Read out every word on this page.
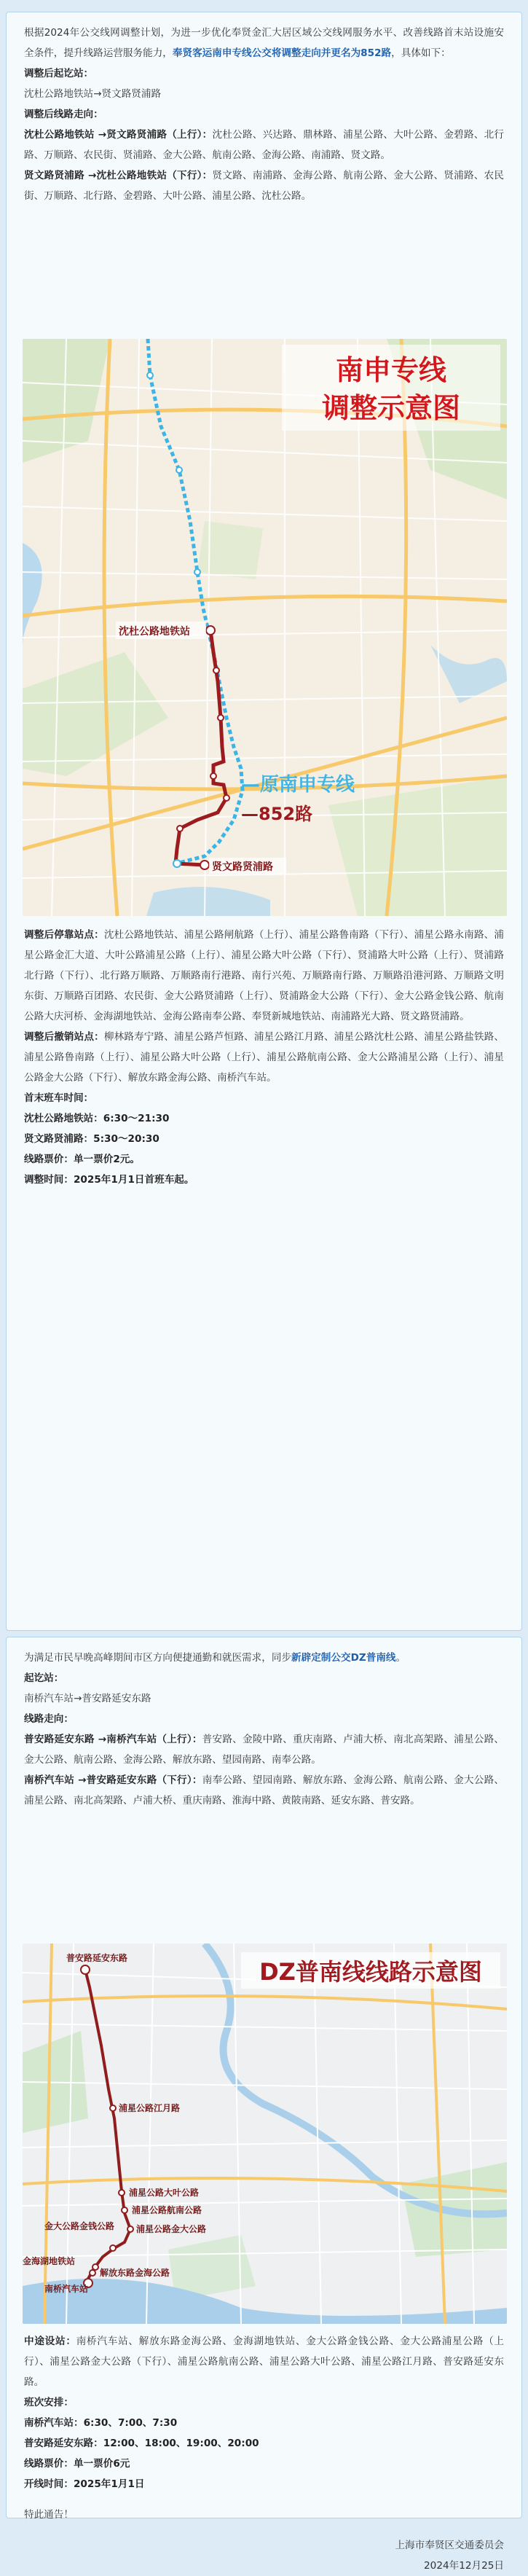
根据2024年公交线网调整计划，为进一步优化奉贤金汇大居区域公交线网服务水平、改善线路首末站设施安全条件，提升线路运营服务能力，奉贤客运南申专线公交将调整走向并更名为852路，具体如下：

调整后起讫站：

沈杜公路地铁站→贤文路贤浦路

调整后线路走向：

沈杜公路地铁站 →贤文路贤浦路（上行）：沈杜公路、兴达路、鼎林路、浦星公路、大叶公路、金碧路、北行路、万顺路、农民街、贤浦路、金大公路、航南公路、金海公路、南浦路、贤文路。

贤文路贤浦路 →沈杜公路地铁站（下行）：贤文路、南浦路、金海公路、航南公路、金大公路、贤浦路、农民街、万顺路、北行路、金碧路、大叶公路、浦星公路、沈杜公路。

南申专线
调整示意图
沈杜公路地铁站
—原南申专线
—852路
贤文路贤浦路

调整后停靠站点：沈杜公路地铁站、浦星公路闸航路（上行）、浦星公路鲁南路（下行）、浦星公路永南路、浦星公路金汇大道、大叶公路浦星公路（上行）、浦星公路大叶公路（下行）、贤浦路大叶公路（上行）、贤浦路北行路（下行）、北行路万顺路、万顺路南行港路、南行兴苑、万顺路南行路、万顺路沿港河路、万顺路文明东街、万顺路百团路、农民街、金大公路贤浦路（上行）、贤浦路金大公路（下行）、金大公路金钱公路、航南公路大庆河桥、金海湖地铁站、金海公路南奉公路、奉贤新城地铁站、南浦路光大路、贤文路贤浦路。

调整后撤销站点：柳林路寿宁路、浦星公路芦恒路、浦星公路江月路、浦星公路沈杜公路、浦星公路盐铁路、浦星公路鲁南路（上行）、浦星公路大叶公路（上行）、浦星公路航南公路、金大公路浦星公路（上行）、浦星公路金大公路（下行）、解放东路金海公路、南桥汽车站。

首末班车时间：

沈杜公路地铁站：6:30～21:30

贤文路贤浦路：5:30～20:30

线路票价：单一票价2元。

调整时间：2025年1月1日首班车起。

为满足市民早晚高峰期间市区方向便捷通勤和就医需求，同步新辟定制公交DZ普南线。

起讫站：

南桥汽车站→普安路延安东路

线路走向：

普安路延安东路 →南桥汽车站（上行）：普安路、金陵中路、重庆南路、卢浦大桥、南北高架路、浦星公路、金大公路、航南公路、金海公路、解放东路、望园南路、南奉公路。

南桥汽车站 →普安路延安东路（下行）：南奉公路、望园南路、解放东路、金海公路、航南公路、金大公路、浦星公路、南北高架路、卢浦大桥、重庆南路、淮海中路、黄陂南路、延安东路、普安路。

DZ普南线线路示意图
普安路延安东路
浦星公路江月路
浦星公路大叶公路
浦星公路航南公路
金大公路金钱公路 浦星公路金大公路
金海湖地铁站
解放东路金海公路
南桥汽车站

中途设站：南桥汽车站、解放东路金海公路、金海湖地铁站、金大公路金钱公路、金大公路浦星公路（上行）、浦星公路金大公路（下行）、浦星公路航南公路、浦星公路大叶公路、浦星公路江月路、普安路延安东路。

班次安排：

南桥汽车站：6:30、7:00、7:30

普安路延安东路：12:00、18:00、19:00、20:00

线路票价：单一票价6元

开线时间：2025年1月1日

特此通告！

上海市奉贤区交通委员会

2024年12月25日
